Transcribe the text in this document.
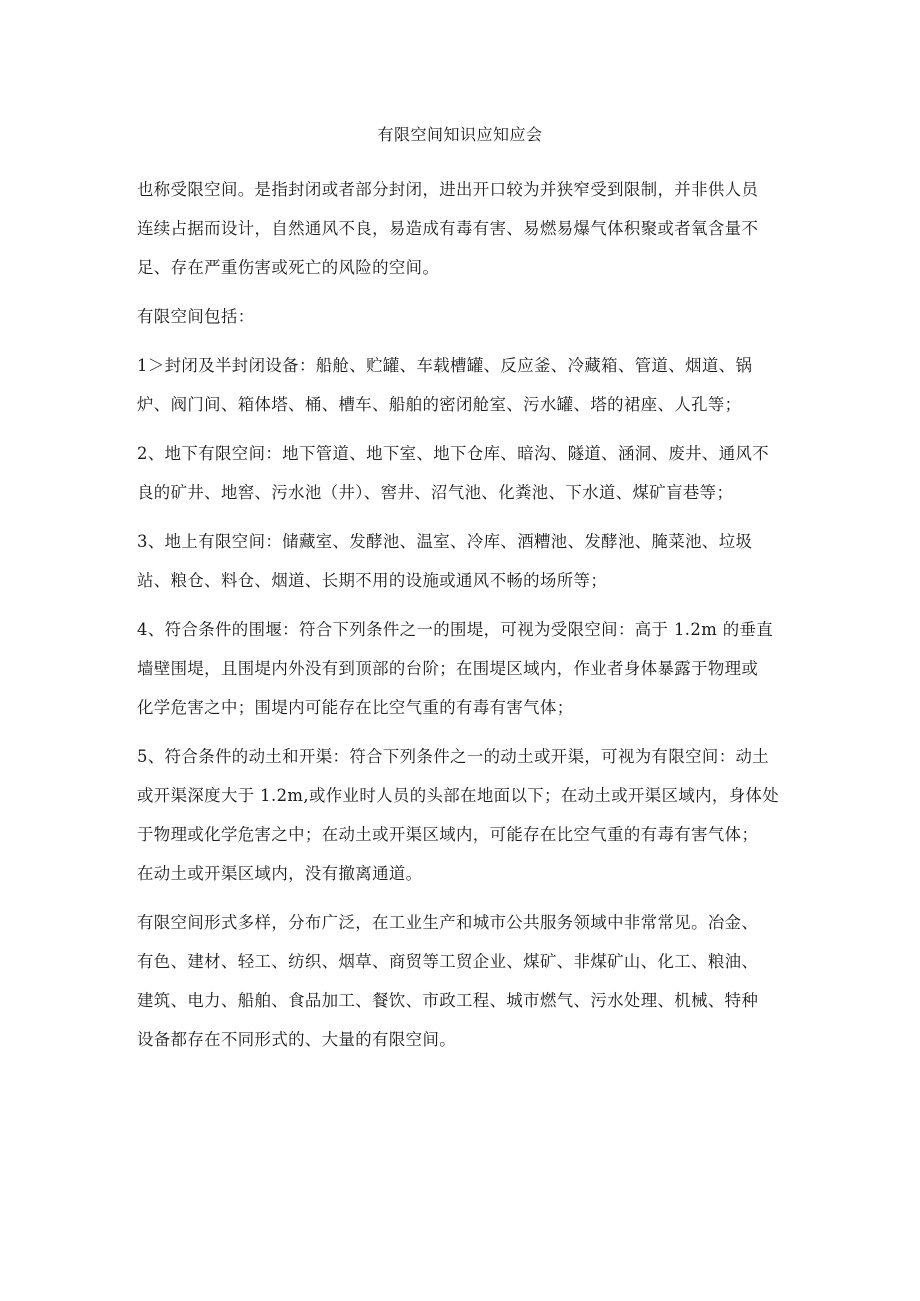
有限空间知识应知应会
也称受限空间。是指封闭或者部分封闭，进出开口较为并狭窄受到限制，并非供人员
连续占据而设计，自然通风不良，易造成有毒有害、易燃易爆气体积聚或者氧含量不
足、存在严重伤害或死亡的风险的空间。
有限空间包括：
1＞封闭及半封闭设备：船舱、贮罐、车载槽罐、反应釜、冷藏箱、管道、烟道、锅
炉、阀门间、箱体塔、桶、槽车、船舶的密闭舱室、污水罐、塔的裙座、人孔等；
2、地下有限空间：地下管道、地下室、地下仓库、暗沟、隧道、涵洞、废井、通风不
良的矿井、地窖、污水池（井）、窖井、沼气池、化粪池、下水道、煤矿盲巷等；
3、地上有限空间：储藏室、发酵池、温室、冷库、酒糟池、发酵池、腌菜池、垃圾
站、粮仓、料仓、烟道、长期不用的设施或通风不畅的场所等；
4、符合条件的围堰：符合下列条件之一的围堤，可视为受限空间：高于 1.2m 的垂直
墙壁围堤，且围堤内外没有到顶部的台阶；在围堤区域内，作业者身体暴露于物理或
化学危害之中；围堤内可能存在比空气重的有毒有害气体；
5、符合条件的动土和开渠：符合下列条件之一的动土或开渠，可视为有限空间：动土
或开渠深度大于 1.2m,或作业时人员的头部在地面以下；在动土或开渠区域内，身体处
于物理或化学危害之中；在动土或开渠区域内，可能存在比空气重的有毒有害气体；
在动土或开渠区域内，没有撤离通道。
有限空间形式多样，分布广泛，在工业生产和城市公共服务领域中非常常见。冶金、
有色、建材、轻工、纺织、烟草、商贸等工贸企业、煤矿、非煤矿山、化工、粮油、
建筑、电力、船舶、食品加工、餐饮、市政工程、城市燃气、污水处理、机械、特种
设备都存在不同形式的、大量的有限空间。
